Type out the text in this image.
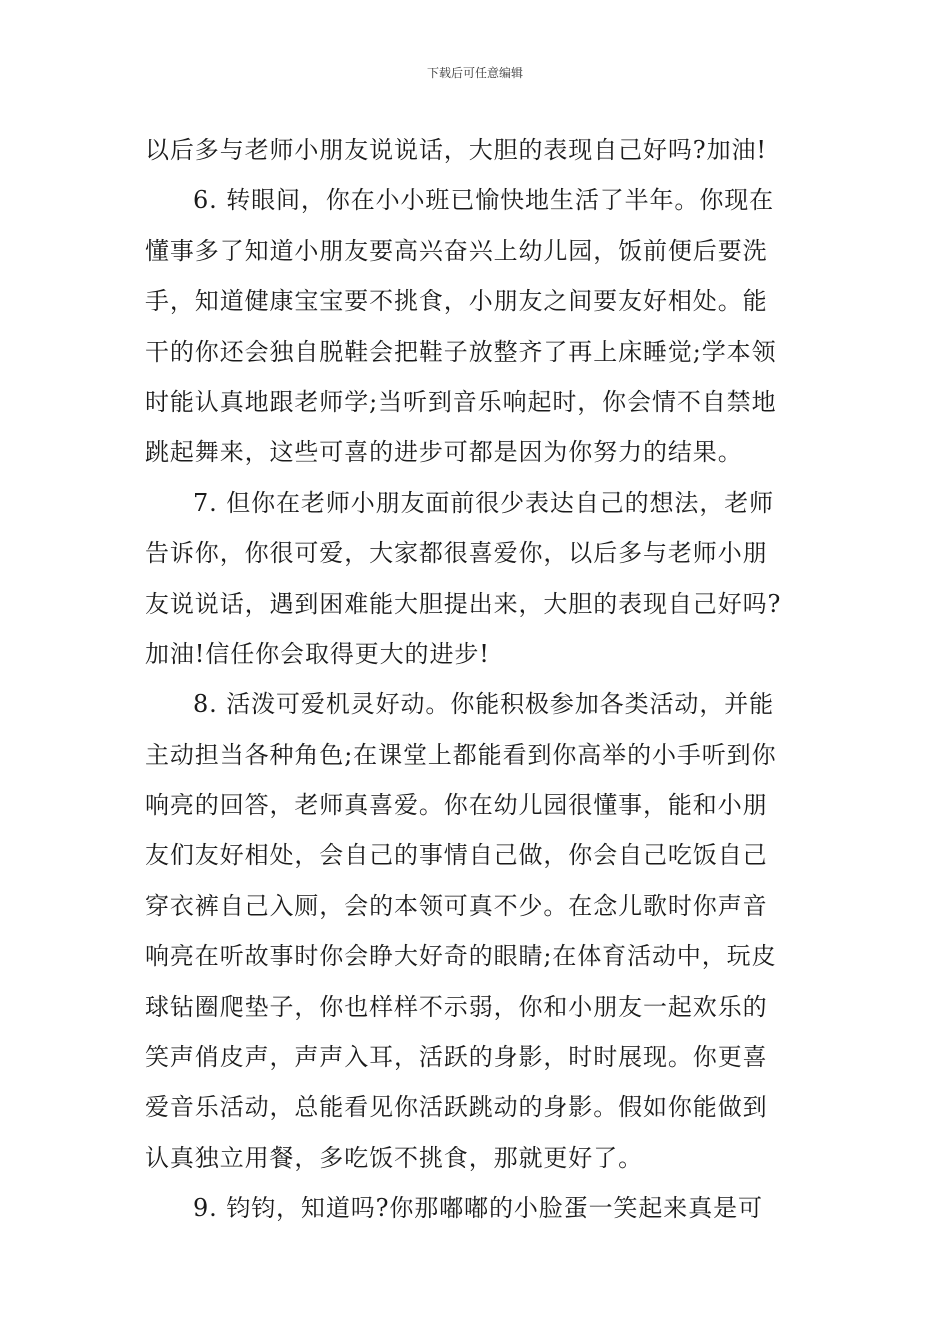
下载后可任意编辑
以后多与老师小朋友说说话，大胆的表现自己好吗?加油!
6. 转眼间，你在小小班已愉快地生活了半年。你现在
懂事多了知道小朋友要高兴奋兴上幼儿园，饭前便后要洗
手，知道健康宝宝要不挑食，小朋友之间要友好相处。能
干的你还会独自脱鞋会把鞋子放整齐了再上床睡觉;学本领
时能认真地跟老师学;当听到音乐响起时，你会情不自禁地
跳起舞来，这些可喜的进步可都是因为你努力的结果。
7. 但你在老师小朋友面前很少表达自己的想法，老师
告诉你，你很可爱，大家都很喜爱你，以后多与老师小朋
友说说话，遇到困难能大胆提出来，大胆的表现自己好吗?
加油!信任你会取得更大的进步!
8. 活泼可爱机灵好动。你能积极参加各类活动，并能
主动担当各种角色;在课堂上都能看到你高举的小手听到你
响亮的回答，老师真喜爱。你在幼儿园很懂事，能和小朋
友们友好相处，会自己的事情自己做，你会自己吃饭自己
穿衣裤自己入厕，会的本领可真不少。在念儿歌时你声音
响亮在听故事时你会睁大好奇的眼睛;在体育活动中，玩皮
球钻圈爬垫子，你也样样不示弱，你和小朋友一起欢乐的
笑声俏皮声，声声入耳，活跃的身影，时时展现。你更喜
爱音乐活动，总能看见你活跃跳动的身影。假如你能做到
认真独立用餐，多吃饭不挑食，那就更好了。
9. 钧钧，知道吗?你那嘟嘟的小脸蛋一笑起来真是可
